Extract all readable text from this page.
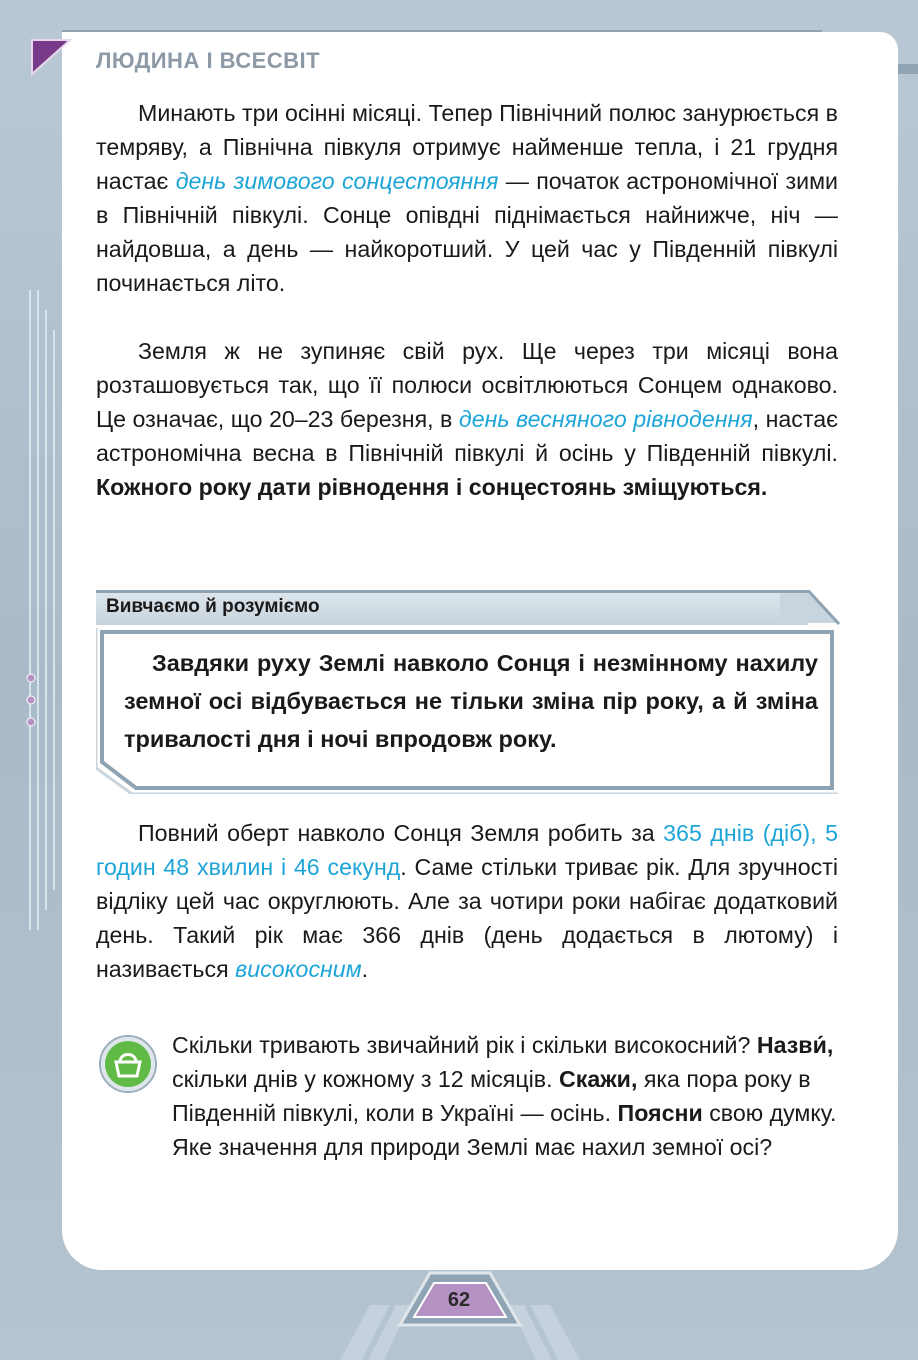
ЛЮДИНА І ВСЕСВІТ

Минають три осінні місяці. Тепер Північний полюс занурюється в темряву, а Північна півкуля отримує найменше тепла, і 21 грудня настає день зимового сонцестояння — початок астрономічної зими в Північній півкулі. Сонце опівдні піднімається найнижче, ніч — найдовша, а день — найкоротший. У цей час у Південній півкулі починається літо.

Земля ж не зупиняє свій рух. Ще через три місяці вона розташовується так, що її полюси освітлюються Сонцем однаково. Це означає, що 20–23 березня, в день весняного рівнодення, настає астрономічна весна в Північній півкулі й осінь у Південній півкулі. Кожного року дати рівнодення і сонцестоянь зміщуються.

Вивчаємо й розуміємо

Завдяки руху Землі навколо Сонця і незмінному нахилу земної осі відбувається не тільки зміна пір року, а й зміна тривалості дня і ночі впродовж року.

Повний оберт навколо Сонця Земля робить за 365 днів (діб), 5 годин 48 хвилин і 46 секунд. Саме стільки триває рік. Для зручності відліку цей час округлюють. Але за чотири роки набігає додатковий день. Такий рік має 366 днів (день додається в лютому) і називається високосним.

Скільки тривають звичайний рік і скільки високосний? Назви́, скільки днів у кожному з 12 місяців. Скажи, яка пора року в Південній півкулі, коли в Україні — осінь. Поясни свою думку. Яке значення для природи Землі має нахил земної осі?

62
